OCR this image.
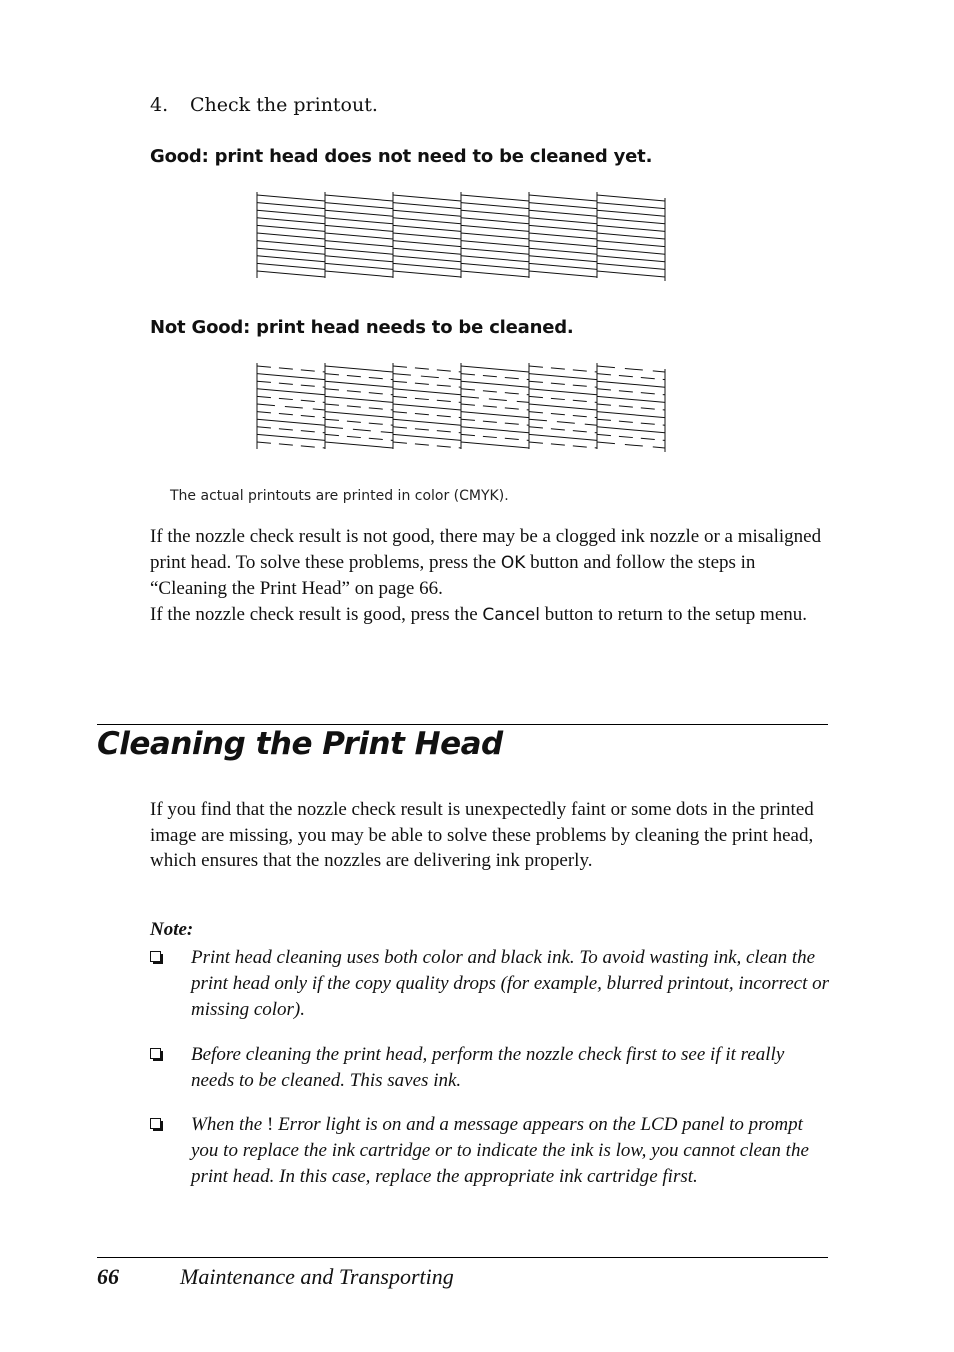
4. Check the printout.
Good: print head does not need to be cleaned yet.
Not Good: print head needs to be cleaned.
The actual printouts are printed in color (CMYK).
If the nozzle check result is not good, there may be a clogged ink nozzle or a misaligned print head. To solve these problems, press the OK button and follow the steps in “Cleaning the Print Head” on page 66.
If the nozzle check result is good, press the Cancel button to return to the setup menu.
Cleaning the Print Head
If you find that the nozzle check result is unexpectedly faint or some dots in the printed image are missing, you may be able to solve these problems by cleaning the print head, which ensures that the nozzles are delivering ink properly.
Note:
Print head cleaning uses both color and black ink. To avoid wasting ink, clean the print head only if the copy quality drops (for example, blurred printout, incorrect or missing color).
Before cleaning the print head, perform the nozzle check first to see if it really needs to be cleaned. This saves ink.
When the ! Error light is on and a message appears on the LCD panel to prompt you to replace the ink cartridge or to indicate the ink is low, you cannot clean the print head. In this case, replace the appropriate ink cartridge first.
66	Maintenance and Transporting
